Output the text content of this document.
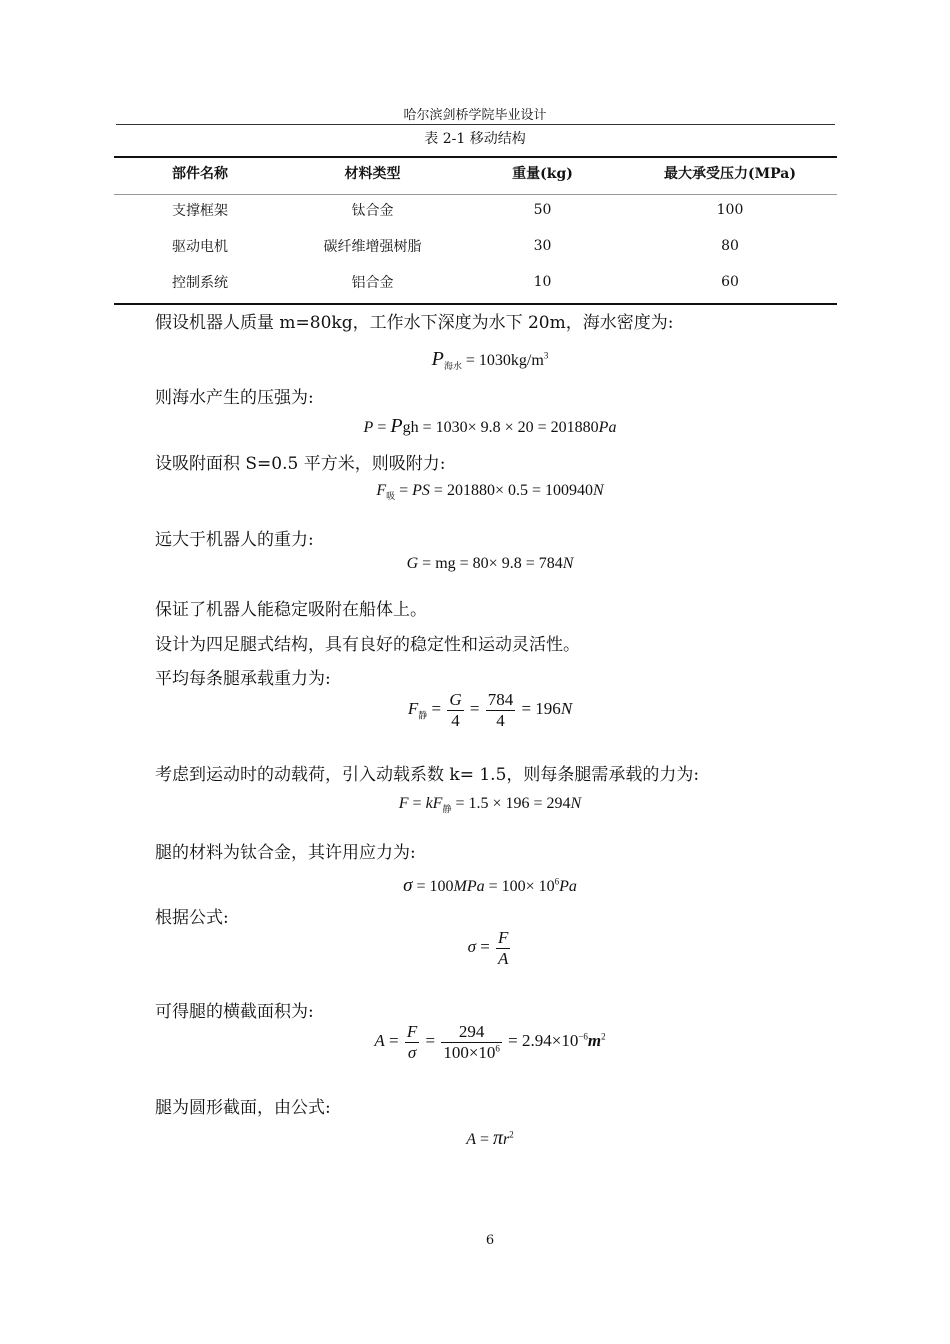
哈尔滨剑桥学院毕业设计
表 2-1 移动结构
部件名称	材料类型	重量(kg)	最大承受压力(MPa)
支撑框架	钛合金	50	100
驱动电机	碳纤维增强树脂	30	80
控制系统	铝合金	10	60
假设机器人质量 m=80kg，工作水下深度为水下 20m，海水密度为:
$P_{海水} = 1030kg/m^3$
则海水产生的压强为:
P = Pgh = 1030× 9.8 × 20 = 201880Pa
设吸附面积 S=0.5 平方米，则吸附力:
$F_吸$ = PS = 201880× 0.5 = 100940N
远大于机器人的重力:
G = mg = 80× 9.8 = 784N
保证了机器人能稳定吸附在船体上。
设计为四足腿式结构，具有良好的稳定性和运动灵活性。
平均每条腿承载重力为:
$F_静 = \frac{G}{4} = \frac{784}{4} = 196N$
考虑到运动时的动载荷，引入动载系数 k= 1.5，则每条腿需承载的力为:
$F = kF_静 = 1.5 \times 196 = 294N$
腿的材料为钛合金，其许用应力为:
$\sigma = 100MPa = 100\times 10^6Pa$
根据公式:
$\sigma = \frac{F}{A}$
可得腿的横截面积为:
$A = \frac{F}{\sigma} = \frac{294}{100\times 10^6} = 2.94\times 10^{-6}m^2$
腿为圆形截面，由公式:
$A = \pi r^2$
6
